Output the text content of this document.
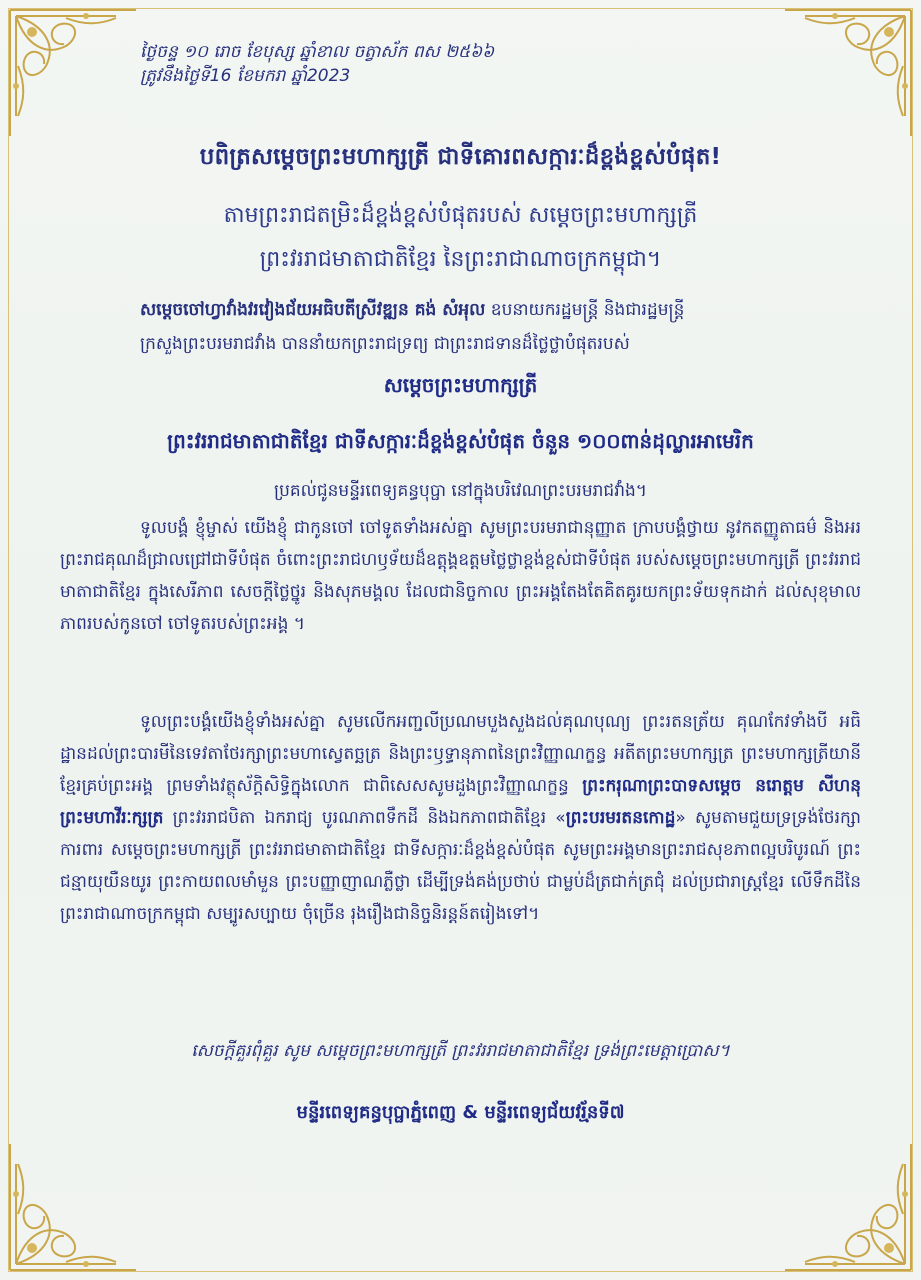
ថ្ងៃចន្ទ ១០ រោច ខែបុស្ស ឆ្នាំខាល ចត្វាស័ក ពស ២៥៦៦
ត្រូវនឹងថ្ងៃទី16 ខែមករា ឆ្នាំ2023
បពិត្រសម្តេចព្រះមហាក្សត្រី ជាទីគោរពសក្ការៈដ៏ខ្ពង់ខ្ពស់បំផុត!
តាមព្រះរាជតម្រិះដ៏ខ្ពង់ខ្ពស់បំផុតរបស់ សម្តេចព្រះមហាក្សត្រី
ព្រះវររាជមាតាជាតិខ្មែរ នៃព្រះរាជាណាចក្រកម្ពុជា។
សម្តេចចៅហ្វាវាំងវរវៀងជ័យអធិបតីស្រីវឌ្ឍន គង់ សំអុល ឧបនាយករដ្ឋមន្ត្រី និងជារដ្ឋមន្ត្រី
ក្រសួងព្រះបរមរាជវាំង បាននាំយកព្រះរាជទ្រព្យ ជាព្រះរាជទានដ៏ថ្លៃថ្លាបំផុតរបស់
សម្តេចព្រះមហាក្សត្រី
ព្រះវររាជមាតាជាតិខ្មែរ ជាទីសក្ការៈដ៏ខ្ពង់ខ្ពស់បំផុត ចំនួន ១០០ពាន់ដុល្លារអាមេរិក
ប្រគល់ជូនមន្ទីរពេទ្យគន្ធបុប្ផា នៅក្នុងបរិវេណព្រះបរមរាជវាំង។
ទូលបង្គំ ខ្ញុំម្ចាស់ យើងខ្ញុំ ជាកូនចៅ ចៅទូតទាំងអស់គ្នា សូមព្រះបរមរាជានុញ្ញាត ក្រាបបង្គំថ្វាយ នូវកតញ្ញូតាធម៌ និងអរព្រះរាជគុណដ៏ជ្រាលជ្រៅជាទីបំផុត ចំពោះព្រះរាជហឫទ័យដ៏ឧត្តុង្គឧត្តមថ្លៃថ្លាខ្ពង់ខ្ពស់ជាទីបំផុត របស់សម្តេចព្រះមហាក្សត្រី ព្រះវររាជមាតាជាតិខ្មែរ ក្នុងសេរីភាព សេចក្តីថ្លៃថ្នូរ និងសុភមង្គល ដែលជានិច្ចកាល ព្រះអង្គតែងតែគិតគូរយកព្រះទ័យទុកដាក់ ដល់សុខុមាលភាពរបស់កូនចៅ ចៅទូតរបស់ព្រះអង្គ ។
ទូលព្រះបង្គំយើងខ្ញុំទាំងអស់គ្នា សូមលើកអញ្ជលីប្រណមបួងសួងដល់គុណបុណ្យ ព្រះរតនត្រ័យ គុណកែវទាំងបី អធិដ្ឋានដល់ព្រះបារមីនៃទេវតាថែរក្សាព្រះមហាស្វេតច្ឆត្រ និងព្រះឫទ្ធានុភាពនៃព្រះវិញ្ញាណក្ខន្ធ អតីតព្រះមហាក្សត្រ ព្រះមហាក្សត្រីយានីខ្មែរគ្រប់ព្រះអង្គ ព្រមទាំងវត្ថុស័ក្តិសិទ្ធិក្នុងលោក ជាពិសេសសូមដួងព្រះវិញ្ញាណក្ខន្ធ ព្រះករុណាព្រះបាទសម្តេច នរោត្តម សីហនុ ព្រះមហាវីរៈក្សត្រ ព្រះវររាជបិតា ឯករាជ្យ បូរណភាពទឹកដី និងឯកភាពជាតិខ្មែរ «ព្រះបរមរតនកោដ្ឋ» សូមតាមជួយទ្រទ្រង់ថែរក្សាការពារ សម្តេចព្រះមហាក្សត្រី ព្រះវររាជមាតាជាតិខ្មែរ ជាទីសក្ការៈដ៏ខ្ពង់ខ្ពស់បំផុត សូមព្រះអង្គមានព្រះរាជសុខភាពល្អបរិបូរណ៍ ព្រះជន្មាយុយឺនយូរ ព្រះកាយពលមាំមួន ព្រះបញ្ញាញាណភ្លឺថ្លា ដើម្បីទ្រង់គង់ប្រថាប់ ជាម្លប់ដ៏ត្រជាក់ត្រជុំ ដល់ប្រជារាស្ត្រខ្មែរ លើទឹកដីនៃព្រះរាជាណាចក្រកម្ពុជា សម្បូរសប្បាយ ចុំច្រើន រុងរឿងជានិច្ចនិរន្តន៍តរៀងទៅ។
សេចក្តីគួរពុំគួរ សូម សម្តេចព្រះមហាក្សត្រី ព្រះវររាជមាតាជាតិខ្មែរ ទ្រង់ព្រះមេត្តាប្រោស។
មន្ទីរពេទ្យគន្ធបុប្ផាភ្នំពេញ & មន្ទីរពេទ្យជ័យវរ្ម័នទី៧
